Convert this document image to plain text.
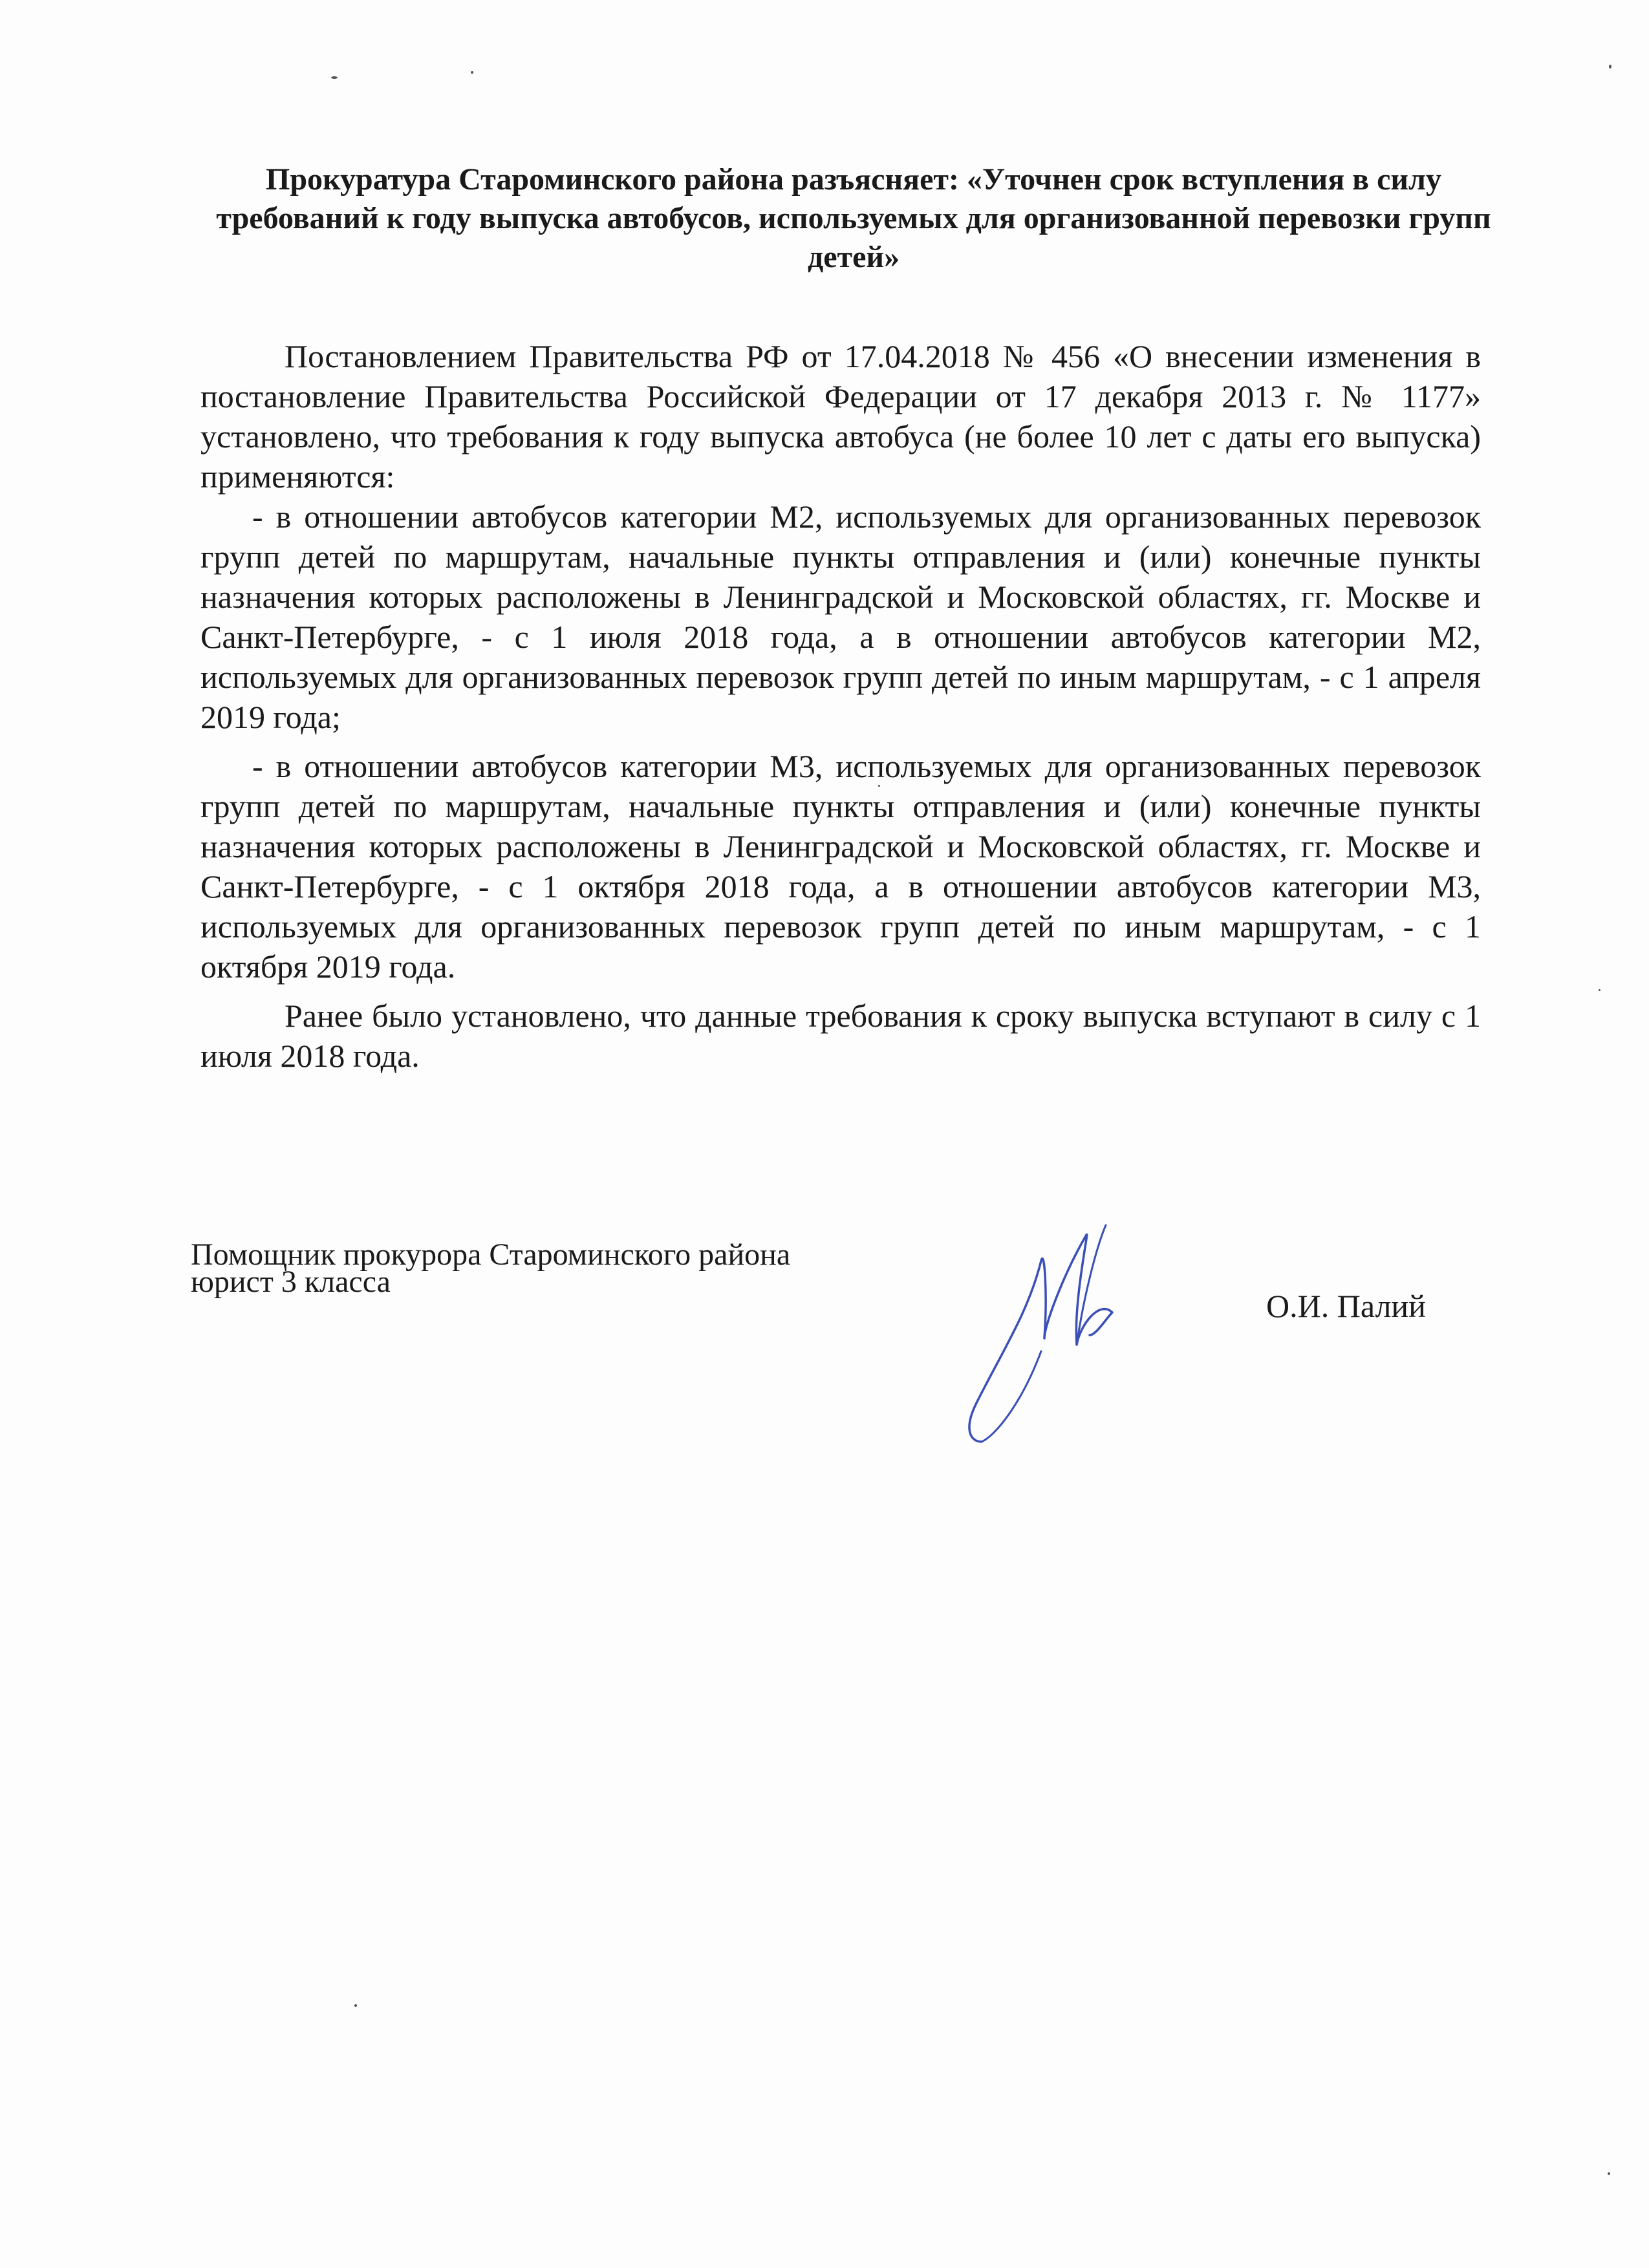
Прокуратура Староминского района разъясняет: «Уточнен срок вступления в силу требований к году выпуска автобусов, используемых для организованной перевозки групп детей»

Постановлением Правительства РФ от 17.04.2018 № 456 «О внесении изменения в постановление Правительства Российской Федерации от 17 декабря 2013 г. № 1177» установлено, что требования к году выпуска автобуса (не более 10 лет с даты его выпуска) применяются:

- в отношении автобусов категории М2, используемых для организованных перевозок групп детей по маршрутам, начальные пункты отправления и (или) конечные пункты назначения которых расположены в Ленинградской и Московской областях, гг. Москве и Санкт-Петербурге, - с 1 июля 2018 года, а в отношении автобусов категории М2, используемых для организованных перевозок групп детей по иным маршрутам, - с 1 апреля 2019 года;

- в отношении автобусов категории М3, используемых для организованных перевозок групп детей по маршрутам, начальные пункты отправления и (или) конечные пункты назначения которых расположены в Ленинградской и Московской областях, гг. Москве и Санкт-Петербурге, - с 1 октября 2018 года, а в отношении автобусов категории М3, используемых для организованных перевозок групп детей по иным маршрутам, - с 1 октября 2019 года.

Ранее было установлено, что данные требования к сроку выпуска вступают в силу с 1 июля 2018 года.

Помощник прокурора Староминского района
юрист 3 класса
О.И. Палий
